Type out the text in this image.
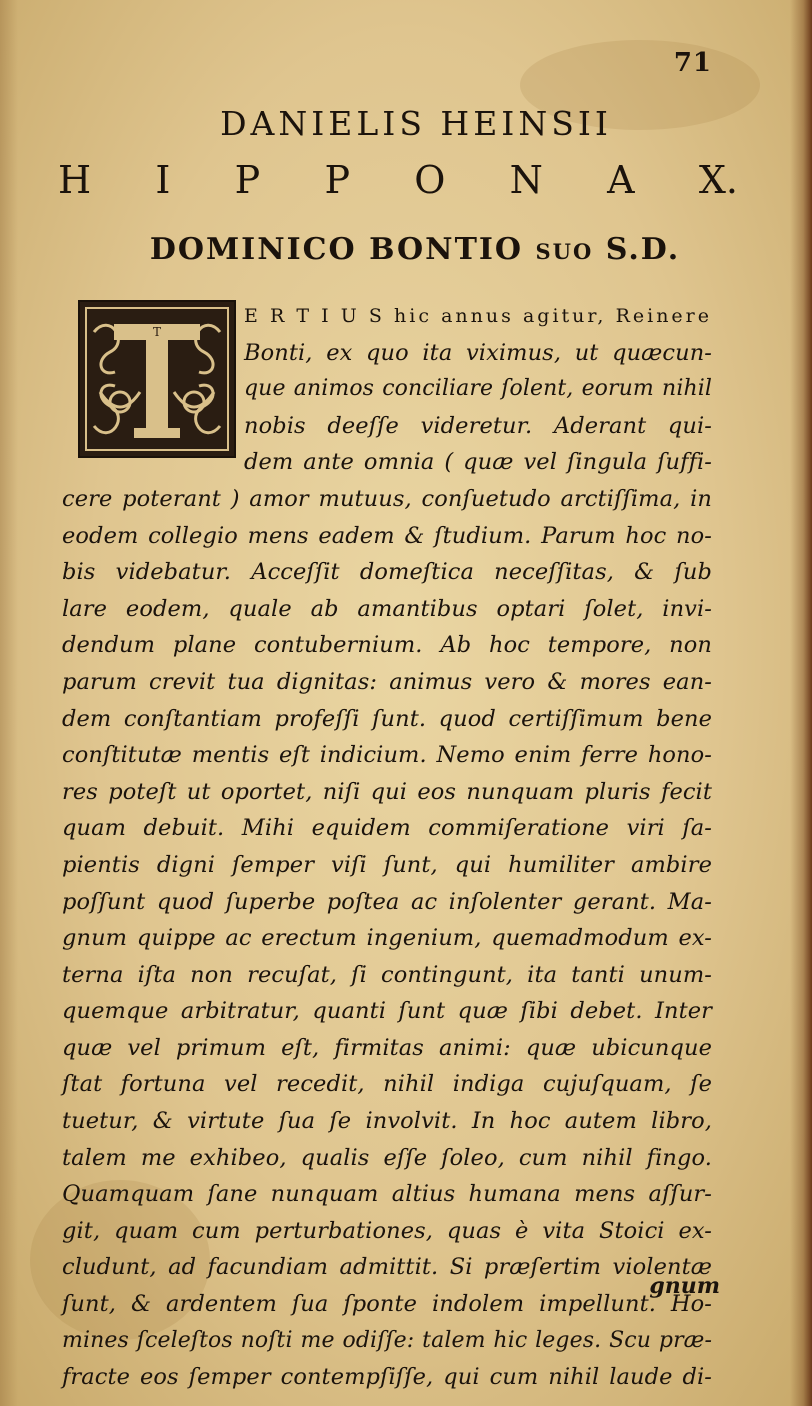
71
DANIELIS HEINSII
H I P P O N A X.
DOMINICO BONTIO ſuo S.D.
T
E R T I U S hic annus agitur, Reinere
Bonti, ex quo ita viximus, ut quæcun-
que animos conciliare ſolent, eorum nihil
nobis deeſſe videretur. Aderant qui-
dem ante omnia ( quæ vel ſingula ſuffi-
cere poterant ) amor mutuus, conſuetudo arctiſſima, in
eodem collegio mens eadem & ſtudium. Parum hoc no-
bis videbatur. Acceſſit domeſtica neceſſitas, & ſub
lare eodem, quale ab amantibus optari ſolet, invi-
dendum plane contubernium. Ab hoc tempore, non
parum crevit tua dignitas: animus vero & mores ean-
dem conſtantiam profeſſi ſunt. quod certiſſimum bene
conſtitutæ mentis eſt indicium. Nemo enim ferre hono-
res poteſt ut oportet, niſi qui eos nunquam pluris fecit
quam debuit. Mihi equidem commiſeratione viri ſa-
pientis digni ſemper viſi ſunt, qui humiliter ambire
poſſunt quod ſuperbe poſtea ac inſolenter gerant. Ma-
gnum quippe ac erectum ingenium, quemadmodum ex-
terna iſta non recuſat, ſi contingunt, ita tanti unum-
quemque arbitratur, quanti ſunt quæ ſibi debet. Inter
quæ vel primum eſt, firmitas animi: quæ ubicunque
ſtat fortuna vel recedit, nihil indiga cujuſquam, ſe
tuetur, & virtute ſua ſe involvit. In hoc autem libro,
talem me exhibeo, qualis eſſe ſoleo, cum nihil fingo.
Quamquam ſane nunquam altius humana mens aſſur-
git, quam cum perturbationes, quas è vita Stoici ex-
cludunt, ad facundiam admittit. Si præſertim violentæ
ſunt, & ardentem ſua ſponte indolem impellunt. Ho-
mines ſceleſtos noſti me odiſſe: talem hic leges. Scu præ-
fracte eos ſemper contempſiſſe, qui cum nihil laude di-
gnum
